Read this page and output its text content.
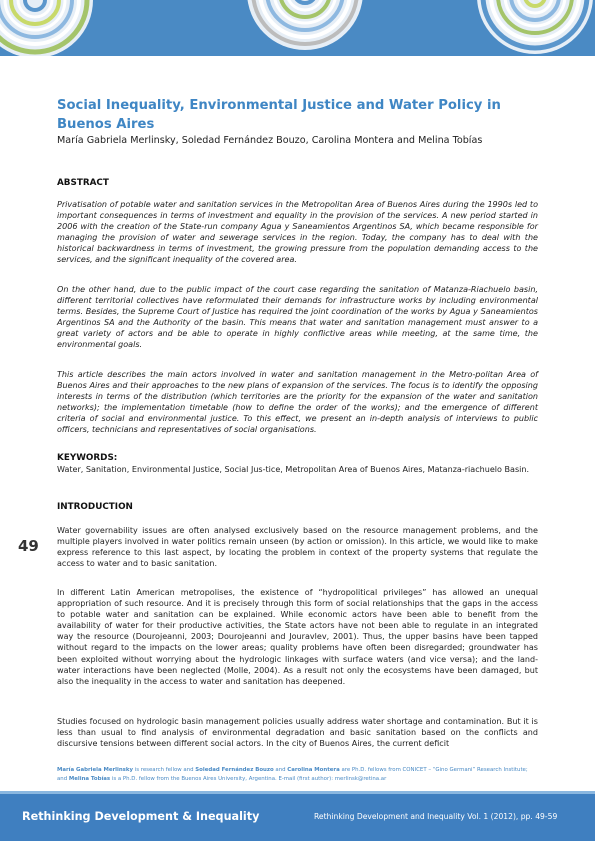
Social Inequality, Environmental Justice and Water Policy in Buenos Aires

María Gabriela Merlinsky, Soledad Fernández Bouzo, Carolina Montera and Melina Tobías

ABSTRACT

Privatisation of potable water and sanitation services in the Metropolitan Area of Buenos Aires during the 1990s led to important consequences in terms of investment and equality in the provision of the services. A new period started in 2006 with the creation of the State-run company Agua y Saneamientos Argentinos SA, which became responsible for managing the provision of water and sewerage services in the region. Today, the company has to deal with the historical backwardness in terms of investment, the growing pressure from the population demanding access to the services, and the significant inequality of the covered area.

On the other hand, due to the public impact of the court case regarding the sanitation of Matanza-Riachuelo basin, different territorial collectives have reformulated their demands for infrastructure works by including environmental terms. Besides, the Supreme Court of Justice has required the joint coordination of the works by Agua y Saneamientos Argentinos SA and the Authority of the basin. This means that water and sanitation management must answer to a great variety of actors and be able to operate in highly conflictive areas while meeting, at the same time, the environmental goals.

This article describes the main actors involved in water and sanitation management in the Metro-politan Area of Buenos Aires and their approaches to the new plans of expansion of the services. The focus is to identify the opposing interests in terms of the distribution (which territories are the priority for the expansion of the water and sanitation networks); the implementation timetable (how to define the order of the works); and the emergence of different criteria of social and environmental justice. To this effect, we present an in-depth analysis of interviews to public officers, technicians and representatives of social organisations.

KEYWORDS:

Water, Sanitation, Environmental Justice, Social Jus-tice, Metropolitan Area of Buenos Aires, Matanza-riachuelo Basin.

INTRODUCTION

Water governability issues are often analysed exclusively based on the resource management problems, and the multiple players involved in water politics remain unseen (by action or omission). In this article, we would like to make express reference to this last aspect, by locating the problem in context of the property systems that regulate the access to water and to basic sanitation.

In different Latin American metropolises, the existence of “hydropolitical privileges” has allowed an unequal appropriation of such resource. And it is precisely through this form of social relationships that the gaps in the access to potable water and sanitation can be explained. While economic actors have been able to benefit from the availability of water for their productive activities, the State actors have not been able to regulate in an integrated way the resource (Dourojeanni, 2003; Dourojeanni and Jouravlev, 2001). Thus, the upper basins have been tapped without regard to the impacts on the lower areas; quality problems have often been disregarded; groundwater has been exploited without worrying about the hydrologic linkages with surface waters (and vice versa); and the land-water interactions have been neglected (Molle, 2004). As a result not only the ecosystems have been damaged, but also the inequality in the access to water and sanitation has deepened.

Studies focused on hydrologic basin management policies usually address water shortage and contamination. But it is less than usual to find analysis of environmental degradation and basic sanitation based on the conflicts and discursive tensions between different social actors. In the city of Buenos Aires, the current deficit

49

María Gabriela Merlinsky is research fellow and Soledad Fernández Bouzo and Carolina Montera are Ph.D. fellows from CONICET – “Gino Germani” Research Institute; and Melina Tobías is a Ph.D. fellow from the Buenos Aires University, Argentina. E-mail (first author): merlinsk@retina.ar

Rethinking Development & Inequality	Rethinking Development and Inequality Vol. 1 (2012), pp. 49-59
